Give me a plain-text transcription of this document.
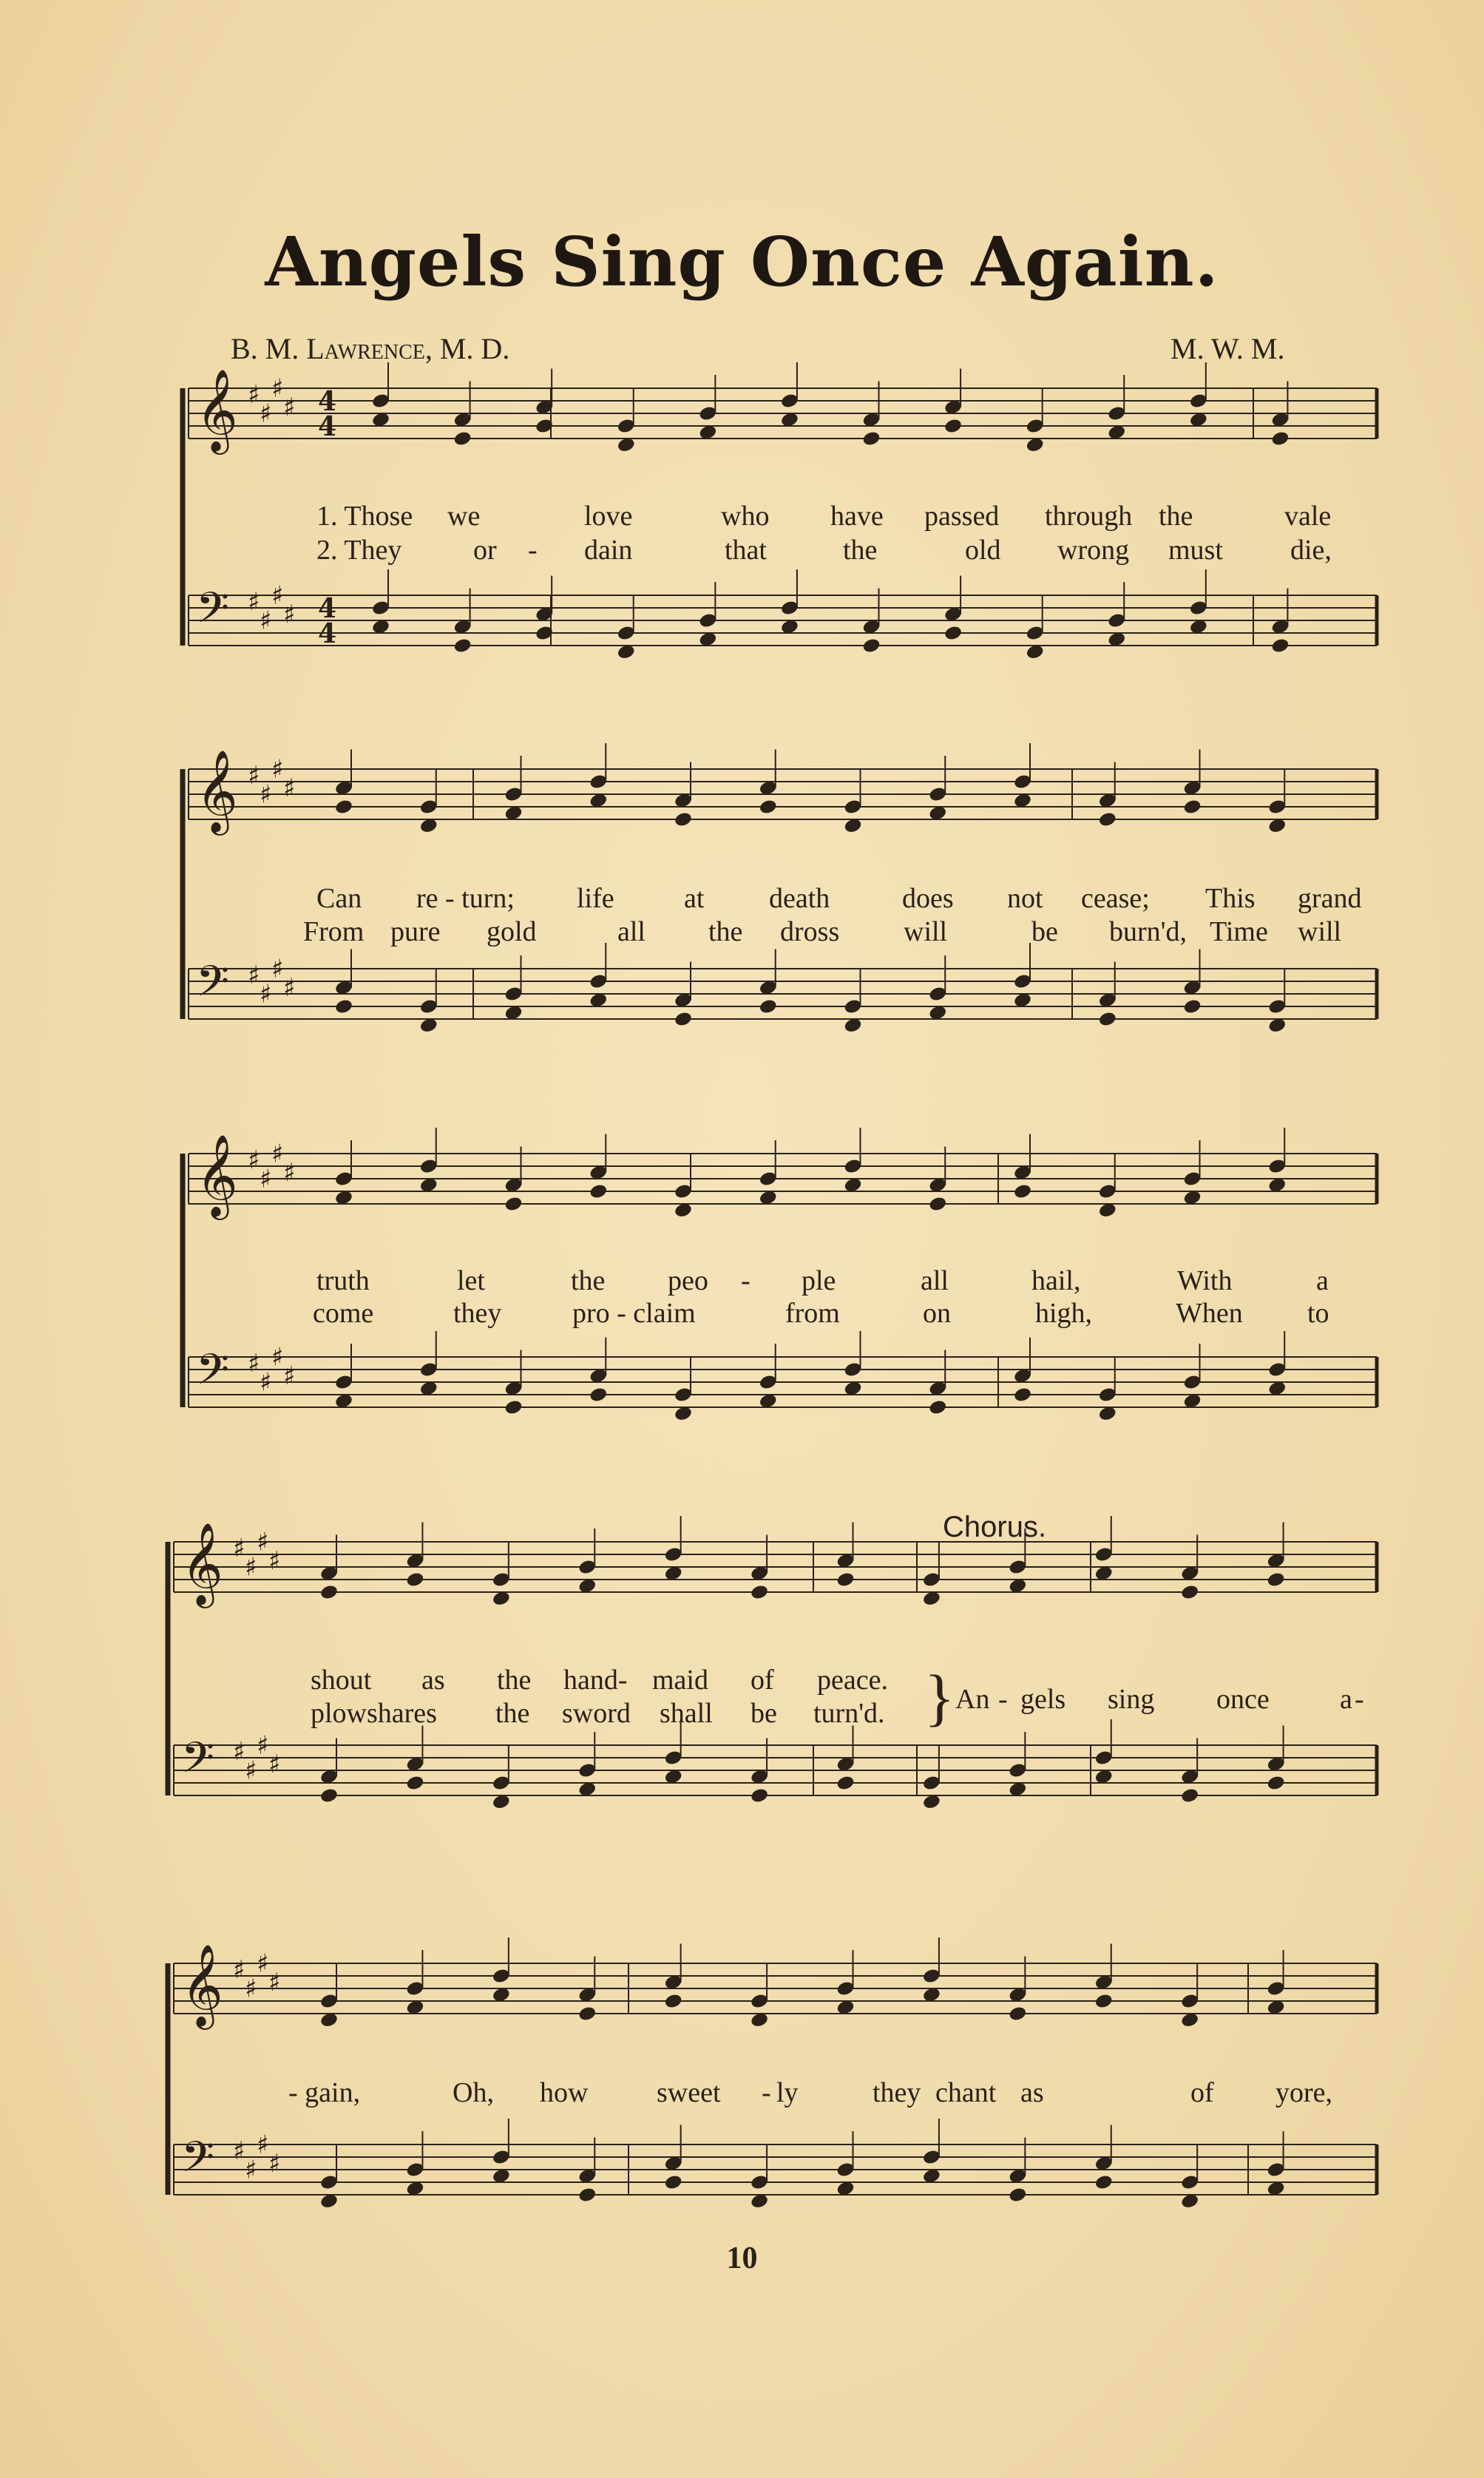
Angels Sing Once Again.
B. M. Lawrence, M. D.	M. W. M.
𝄞 ♯
♯
♯
♯ 4
4
𝄢 ♯
♯
♯
♯ 4
4
𝄞 ♯
♯
♯
♯
𝄢 ♯
♯
♯
♯
𝄞 ♯
♯
♯
♯
𝄢 ♯
♯
♯
♯
𝄞 ♯
♯
♯
♯
𝄢 ♯
♯
♯
♯
𝄞 ♯
♯
♯
♯
𝄢 ♯
♯
♯
♯
1. Those we	love	who have passed through the	vale
2. They	or - dain	that	the	old wrong must die,
Can re - turn; life at death	does not cease; This grand
From pure gold	all the dross will	be burn'd, Time will
truth	let	the peo - ple	all	hail,	With	a
come	they	pro - claim	from	on	high,	When to
shout as the hand- maid of peace.
plowshares the sword shall be turn'd.	An - gels sing once	a -
- gain,	Oh, how sweet - ly	they chant as	of yore,
}
Chorus.
10
